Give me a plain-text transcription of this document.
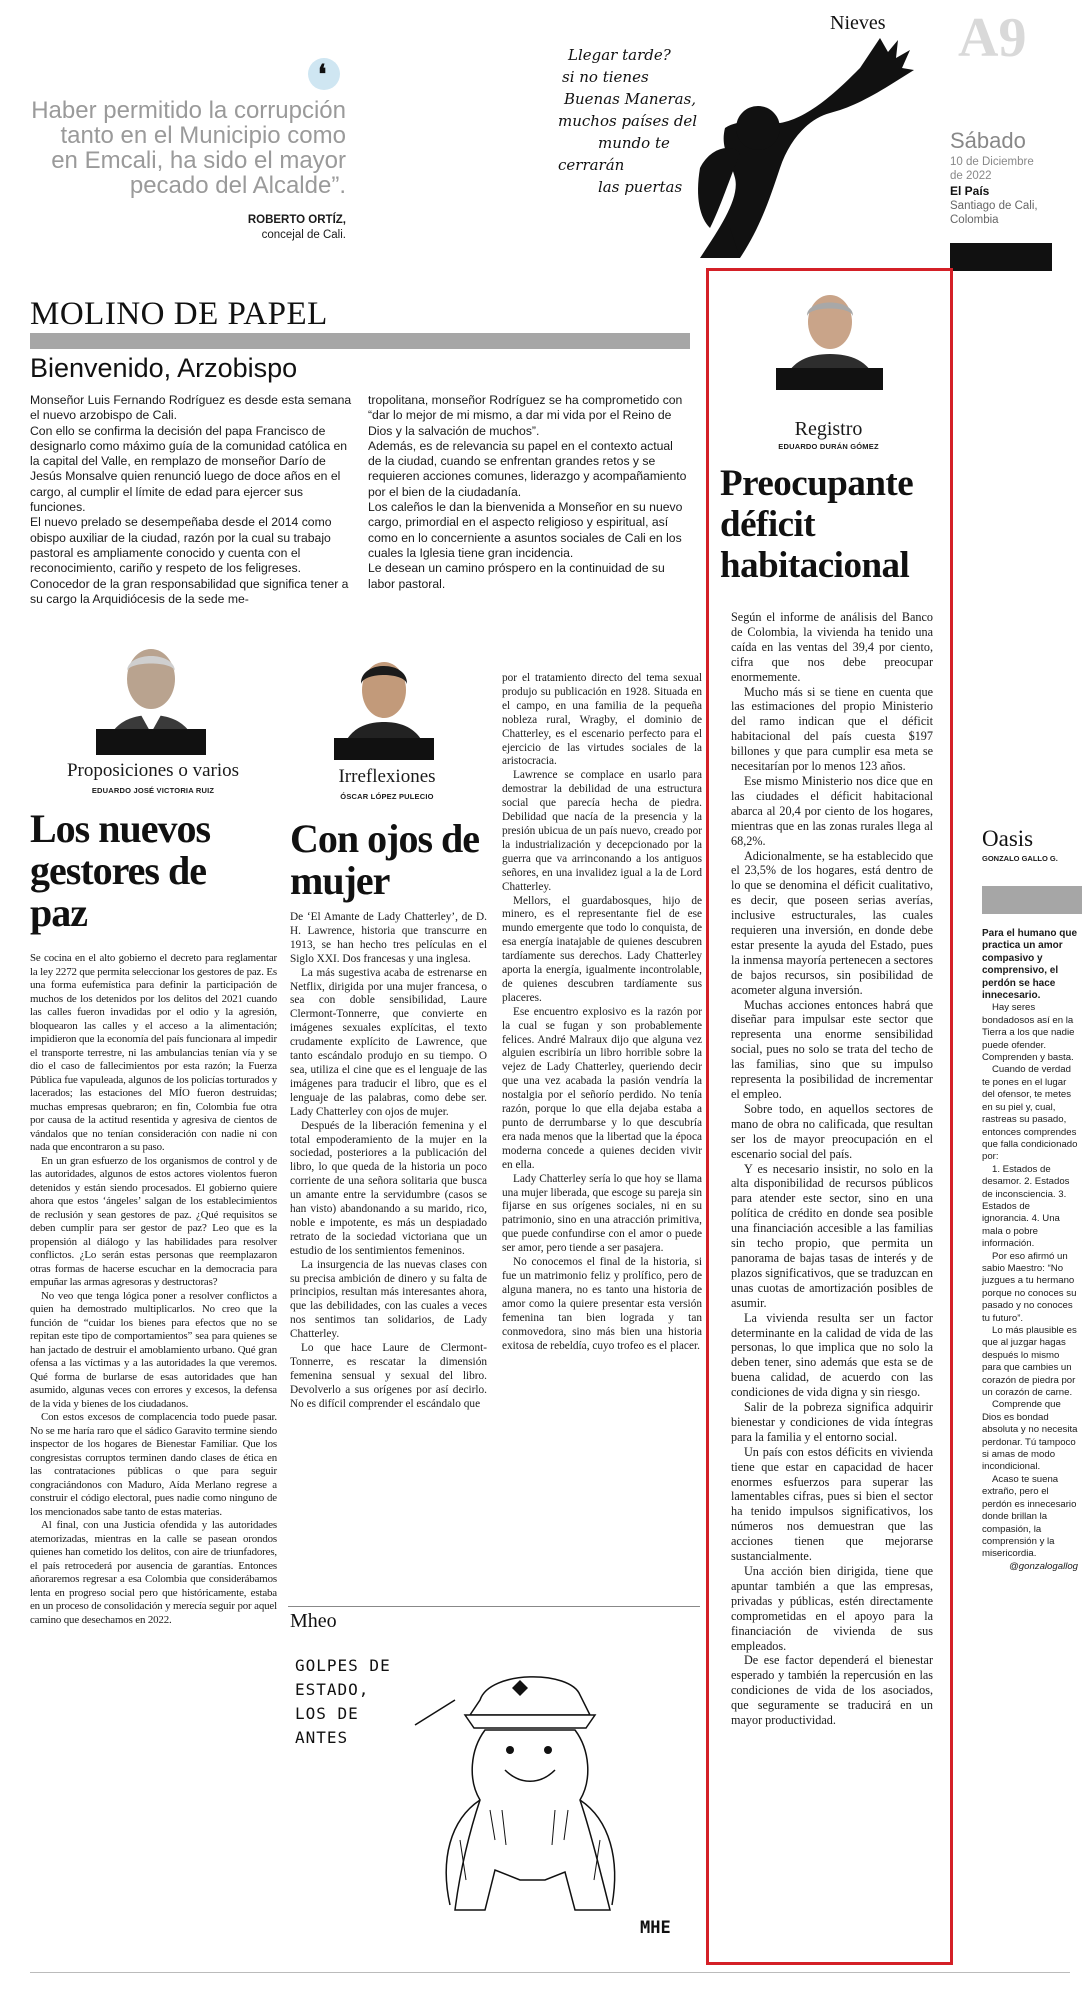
❛
Haber permitido la corrupción tanto en el Municipio como en Emcali, ha sido el mayor pecado del Alcalde”.
ROBERTO ORTÍZ,
concejal de Cali.
Nieves
Llegar tarde?
si no tienes
Buenas Maneras,
muchos países del
mundo te
cerrarán
las puertas
A9
Sábado
10 de Diciembre
de 2022
El País
Santiago de Cali,
Colombia
MOLINO DE PAPEL
Bienvenido, Arzobispo

Monseñor Luis Fernando Rodríguez es desde esta semana el nuevo arzobispo de Cali.

Con ello se confirma la decisión del papa Francisco de designarlo como máximo guía de la comunidad católica en la capital del Valle, en remplazo de monseñor Darío de Jesús Monsalve quien renunció luego de doce años en el cargo, al cumplir el límite de edad para ejercer sus funciones.

El nuevo prelado se desempeñaba desde el 2014 como obispo auxiliar de la ciudad, razón por la cual su trabajo pastoral es ampliamente conocido y cuenta con el reconocimiento, cariño y respeto de los feligreses.

Conocedor de la gran responsabilidad que significa tener a su cargo la Arquidiócesis de la sede me-

tropolitana, monseñor Rodríguez se ha comprometido con “dar lo mejor de mi mismo, a dar mi vida por el Reino de Dios y la salvación de muchos”.

Además, es de relevancia su papel en el contexto actual de la ciudad, cuando se enfrentan grandes retos y se requieren acciones comunes, liderazgo y acompañamiento por el bien de la ciudadanía.

Los caleños le dan la bienvenida a Monseñor en su nuevo cargo, primordial en el aspecto religioso y espiritual, así como en lo concerniente a asuntos sociales de Cali en los cuales la Iglesia tiene gran incidencia.

Le desean un camino próspero en la continuidad de su labor pastoral.

Proposiciones o varios
EDUARDO JOSÉ VICTORIA RUIZ
Los nuevos gestores de paz

Se cocina en el alto gobierno el decreto para reglamentar la ley 2272 que permita seleccionar los gestores de paz. Es una forma eufemística para definir la participación de muchos de los detenidos por los delitos del 2021 cuando las calles fueron invadidas por el odio y la agresión, bloquearon las calles y el acceso a la alimentación; impidieron que la economía del país funcionara al impedir el transporte terrestre, ni las ambulancias tenían vía y se dio el caso de fallecimientos por esta razón; la Fuerza Pública fue vapuleada, algunos de los policías torturados y lacerados; las estaciones del MÍO fueron destruidas; muchas empresas quebraron; en fin, Colombia fue otra por causa de la actitud resentida y agresiva de cientos de vándalos que no tenían consideración con nadie ni con nada que encontraron a su paso.

En un gran esfuerzo de los organismos de control y de las autoridades, algunos de estos actores violentos fueron detenidos y están siendo procesados. El gobierno quiere ahora que estos ‘ángeles’ salgan de los establecimientos de reclusión y sean gestores de paz. ¿Qué requisitos se deben cumplir para ser gestor de paz? Leo que es la propensión al diálogo y las habilidades para resolver conflictos. ¿Lo serán estas personas que reemplazaron otras formas de hacerse escuchar en la democracia para empuñar las armas agresoras y destructoras?

No veo que tenga lógica poner a resolver conflictos a quien ha demostrado multiplicarlos. No creo que la función de “cuidar los bienes para efectos que no se repitan este tipo de comportamientos” sea para quienes se han jactado de destruir el amoblamiento urbano. Qué gran ofensa a las víctimas y a las autoridades la que veremos. Qué forma de burlarse de esas autoridades que han asumido, algunas veces con errores y excesos, la defensa de la vida y bienes de los ciudadanos.

Con estos excesos de complacencia todo puede pasar. No se me haría raro que el sádico Garavito termine siendo inspector de los hogares de Bienestar Familiar. Que los congresistas corruptos terminen dando clases de ética en las contrataciones públicas o que para seguir congraciándonos con Maduro, Aída Merlano regrese a construir el código electoral, pues nadie como ninguno de los mencionados sabe tanto de estas materias.

Al final, con una Justicia ofendida y las autoridades atemorizadas, mientras en la calle se pasean orondos quienes han cometido los delitos, con aire de triunfadores, el país retrocederá por ausencia de garantías. Entonces añoraremos regresar a esa Colombia que considerábamos lenta en progreso social pero que históricamente, estaba en un proceso de consolidación y merecía seguir por aquel camino que desechamos en 2022.

Irreflexiones
ÓSCAR LÓPEZ PULECIO
Con ojos de mujer

De ‘El Amante de Lady Chatterley’, de D. H. Lawrence, historia que transcurre en 1913, se han hecho tres películas en el Siglo XXI. Dos francesas y una inglesa.

La más sugestiva acaba de estrenarse en Netflix, dirigida por una mujer francesa, o sea con doble sensibilidad, Laure Clermont-Tonnerre, que convierte en imágenes sexuales explícitas, el texto crudamente explícito de Lawrence, que tanto escándalo produjo en su tiempo. O sea, utiliza el cine que es el lenguaje de las imágenes para traducir el libro, que es el lenguaje de las palabras, como debe ser. Lady Chatterley con ojos de mujer.

Después de la liberación femenina y el total empoderamiento de la mujer en la sociedad, posteriores a la publicación del libro, lo que queda de la historia un poco corriente de una señora solitaria que busca un amante entre la servidumbre (casos se han visto) abandonando a su marido, rico, noble e impotente, es más un despiadado retrato de la sociedad victoriana que un estudio de los sentimientos femeninos.

La insurgencia de las nuevas clases con su precisa ambición de dinero y su falta de principios, resultan más interesantes ahora, que las debilidades, con las cuales a veces nos sentimos tan solidarios, de Lady Chatterley.

Lo que hace Laure de Clermont-Tonnerre, es rescatar la dimensión femenina sensual y sexual del libro. Devolverlo a sus orígenes por así decirlo. No es difícil comprender el escándalo que

por el tratamiento directo del tema sexual produjo su publicación en 1928. Situada en el campo, en una familia de la pequeña nobleza rural, Wragby, el dominio de Chatterley, es el escenario perfecto para el ejercicio de las virtudes sociales de la aristocracia.

Lawrence se complace en usarlo para demostrar la debilidad de una estructura social que parecía hecha de piedra. Debilidad que nacía de la presencia y la presión ubicua de un país nuevo, creado por la industrialización y decepcionado por la guerra que va arrinconando a los antiguos señores, en una invalidez igual a la de Lord Chatterley.

Mellors, el guardabosques, hijo de minero, es el representante fiel de ese mundo emergente que todo lo conquista, de esa energía inatajable de quienes descubren tardíamente sus derechos. Lady Chatterley aporta la energía, igualmente incontrolable, de quienes descubren tardíamente sus placeres.

Ese encuentro explosivo es la razón por la cual se fugan y son probablemente felices. André Malraux dijo que alguna vez alguien escribiría un libro horrible sobre la vejez de Lady Chatterley, queriendo decir que una vez acabada la pasión vendría la nostalgia por el señorío perdido. No tenía razón, porque lo que ella dejaba estaba a punto de derrumbarse y lo que descubría era nada menos que la libertad que la época moderna concede a quienes deciden vivir en ella.

Lady Chatterley sería lo que hoy se llama una mujer liberada, que escoge su pareja sin fijarse en sus orígenes sociales, ni en su patrimonio, sino en una atracción primitiva, que puede confundirse con el amor o puede ser amor, pero tiende a ser pasajera.

No conocemos el final de la historia, si fue un matrimonio feliz y prolífico, pero de alguna manera, no es tanto una historia de amor como la quiere presentar esta versión femenina tan bien lograda y tan conmovedora, sino más bien una historia exitosa de rebeldía, cuyo trofeo es el placer.

Mheo
GOLPES DE
ESTADO,
LOS DE
ANTES
MHE
Registro
EDUARDO DURÁN GÓMEZ
Preocupante déficit habitacional

Según el informe de análisis del Banco de Colombia, la vivienda ha tenido una caída en las ventas del 39,4 por ciento, cifra que nos debe preocupar enormemente.

Mucho más si se tiene en cuenta que las estimaciones del propio Ministerio del ramo indican que el déficit habitacional del país cuesta $197 billones y que para cumplir esa meta se necesitarían por lo menos 123 años.

Ese mismo Ministerio nos dice que en las ciudades el déficit habitacional abarca al 20,4 por ciento de los hogares, mientras que en las zonas rurales llega al 68,2%.

Adicionalmente, se ha establecido que el 23,5% de los hogares, está dentro de lo que se denomina el déficit cualitativo, es decir, que poseen serias averías, inclusive estructurales, las cuales requieren una inversión, en donde debe estar presente la ayuda del Estado, pues la inmensa mayoría pertenecen a sectores de bajos recursos, sin posibilidad de acometer alguna inversión.

Muchas acciones entonces habrá que diseñar para impulsar este sector que representa una enorme sensibilidad social, pues no solo se trata del techo de las familias, sino que su impulso representa la posibilidad de incrementar el empleo.

Sobre todo, en aquellos sectores de mano de obra no calificada, que resultan ser los de mayor preocupación en el escenario social del país.

Y es necesario insistir, no solo en la alta disponibilidad de recursos públicos para atender este sector, sino en una política de crédito en donde sea posible una financiación accesible a las familias sin techo propio, que permita un panorama de bajas tasas de interés y de plazos significativos, que se traduzcan en unas cuotas de amortización posibles de asumir.

La vivienda resulta ser un factor determinante en la calidad de vida de las personas, lo que implica que no solo la deben tener, sino además que esta se de buena calidad, de acuerdo con las condiciones de vida digna y sin riesgo.

Salir de la pobreza significa adquirir bienestar y condiciones de vida íntegras para la familia y el entorno social.

Un país con estos déficits en vivienda tiene que estar en capacidad de hacer enormes esfuerzos para superar las lamentables cifras, pues si bien el sector ha tenido impulsos significativos, los números nos demuestran que las acciones tienen que mejorarse sustancialmente.

Una acción bien dirigida, tiene que apuntar también a que las empresas, privadas y públicas, estén directamente comprometidas en el apoyo para la financiación de vivienda de sus empleados.

De ese factor dependerá el bienestar esperado y también la repercusión en las condiciones de vida de los asociados, que seguramente se traducirá en un mayor productividad.

Oasis
GONZALO GALLO G.

Para el humano que practica un amor compasivo y comprensivo, el perdón se hace innecesario.

Hay seres bondadosos así en la Tierra a los que nadie puede ofender. Comprenden y basta.

Cuando de verdad te pones en el lugar del ofensor, te metes en su piel y, cual, rastreas su pasado, entonces comprendes que falla condicionado por:

1. Estados de desamor. 2. Estados de inconsciencia. 3. Estados de ignorancia. 4. Una mala o pobre información.

Por eso afirmó un sabio Maestro: “No juzgues a tu hermano porque no conoces su pasado y no conoces tu futuro”.

Lo más plausible es que al juzgar hagas después lo mismo para que cambies un corazón de piedra por un corazón de carne.

Comprende que Dios es bondad absoluta y no necesita perdonar. Tú tampoco si amas de modo incondicional.

Acaso te suena extraño, pero el perdón es innecesario donde brillan la compasión, la comprensión y la misericordia.

@gonzalogallog
